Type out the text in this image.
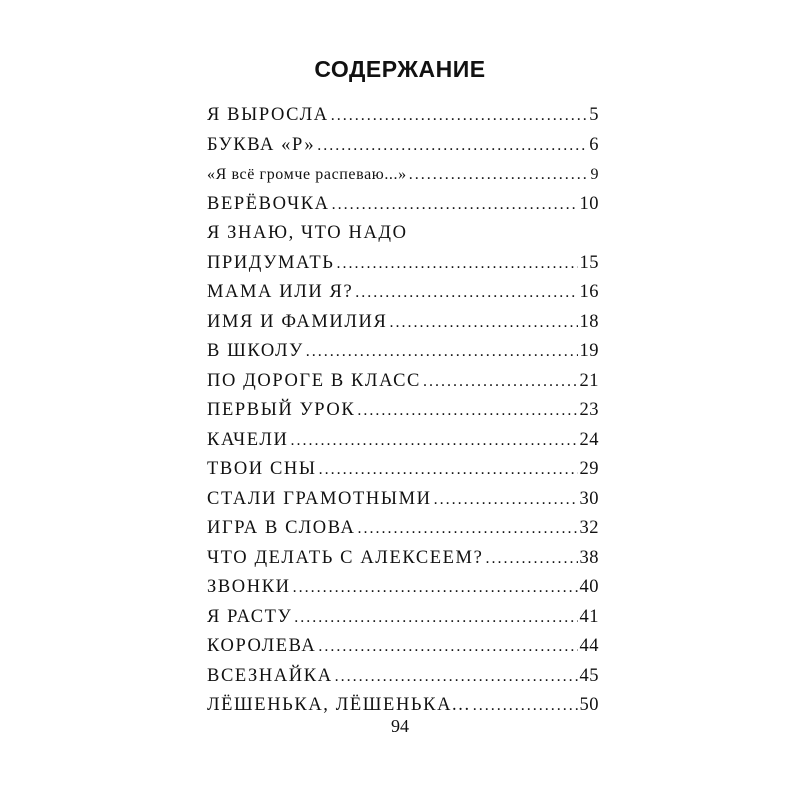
СОДЕРЖАНИЕ
Я ВЫРОСЛА . . .	5
БУКВА «Р» . . .	6
«Я всё громче распеваю...» . . .	9
ВЕРЁВОЧКА . . .	10
Я ЗНАЮ, ЧТО НАДО
ПРИДУМАТЬ . . .	15
МАМА ИЛИ Я? . . .	16
ИМЯ И ФАМИЛИЯ . . .	18
В ШКОЛУ . . .	19
ПО ДОРОГЕ В КЛАСС . . .	21
ПЕРВЫЙ УРОК . . .	23
КАЧЕЛИ . . .	24
ТВОИ СНЫ . . .	29
СТАЛИ ГРАМОТНЫМИ . . .	30
ИГРА В СЛОВА . . .	32
ЧТО ДЕЛАТЬ С АЛЕКСЕЕМ? . . .	38
ЗВОНКИ . . .	40
Я РАСТУ . . .	41
КОРОЛЕВА . . .	44
ВСЕЗНАЙКА . . .	45
ЛЁШЕНЬКА, ЛЁШЕНЬКА... . . .	50
94
